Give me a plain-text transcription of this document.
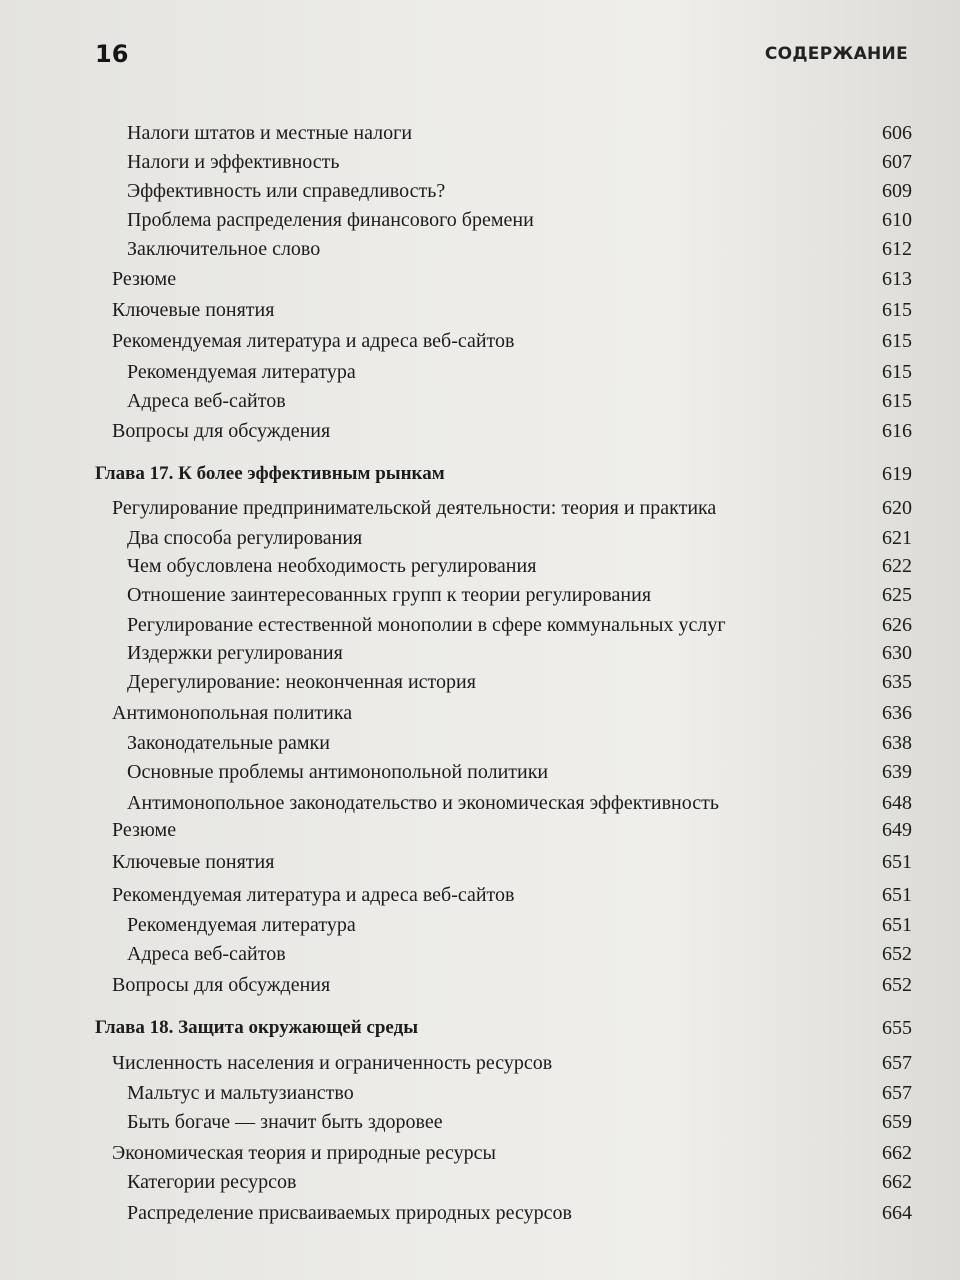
16	СОДЕРЖАНИЕ
Налоги штатов и местные налоги	606
Налоги и эффективность	607
Эффективность или справедливость?	609
Проблема распределения финансового бремени	610
Заключительное слово	612
Резюме	613
Ключевые понятия	615
Рекомендуемая литература и адреса веб-сайтов	615
Рекомендуемая литература	615
Адреса веб-сайтов	615
Вопросы для обсуждения	616
Глава 17. К более эффективным рынкам	619
Регулирование предпринимательской деятельности: теория и практика	620
Два способа регулирования	621
Чем обусловлена необходимость регулирования	622
Отношение заинтересованных групп к теории регулирования	625
Регулирование естественной монополии в сфере коммунальных услуг	626
Издержки регулирования	630
Дерегулирование: неоконченная история	635
Антимонопольная политика	636
Законодательные рамки	638
Основные проблемы антимонопольной политики	639
Антимонопольное законодательство и экономическая эффективность	648
Резюме	649
Ключевые понятия	651
Рекомендуемая литература и адреса веб-сайтов	651
Рекомендуемая литература	651
Адреса веб-сайтов	652
Вопросы для обсуждения	652
Глава 18. Защита окружающей среды	655
Численность населения и ограниченность ресурсов	657
Мальтус и мальтузианство	657
Быть богаче — значит быть здоровее	659
Экономическая теория и природные ресурсы	662
Категории ресурсов	662
Распределение присваиваемых природных ресурсов	664
